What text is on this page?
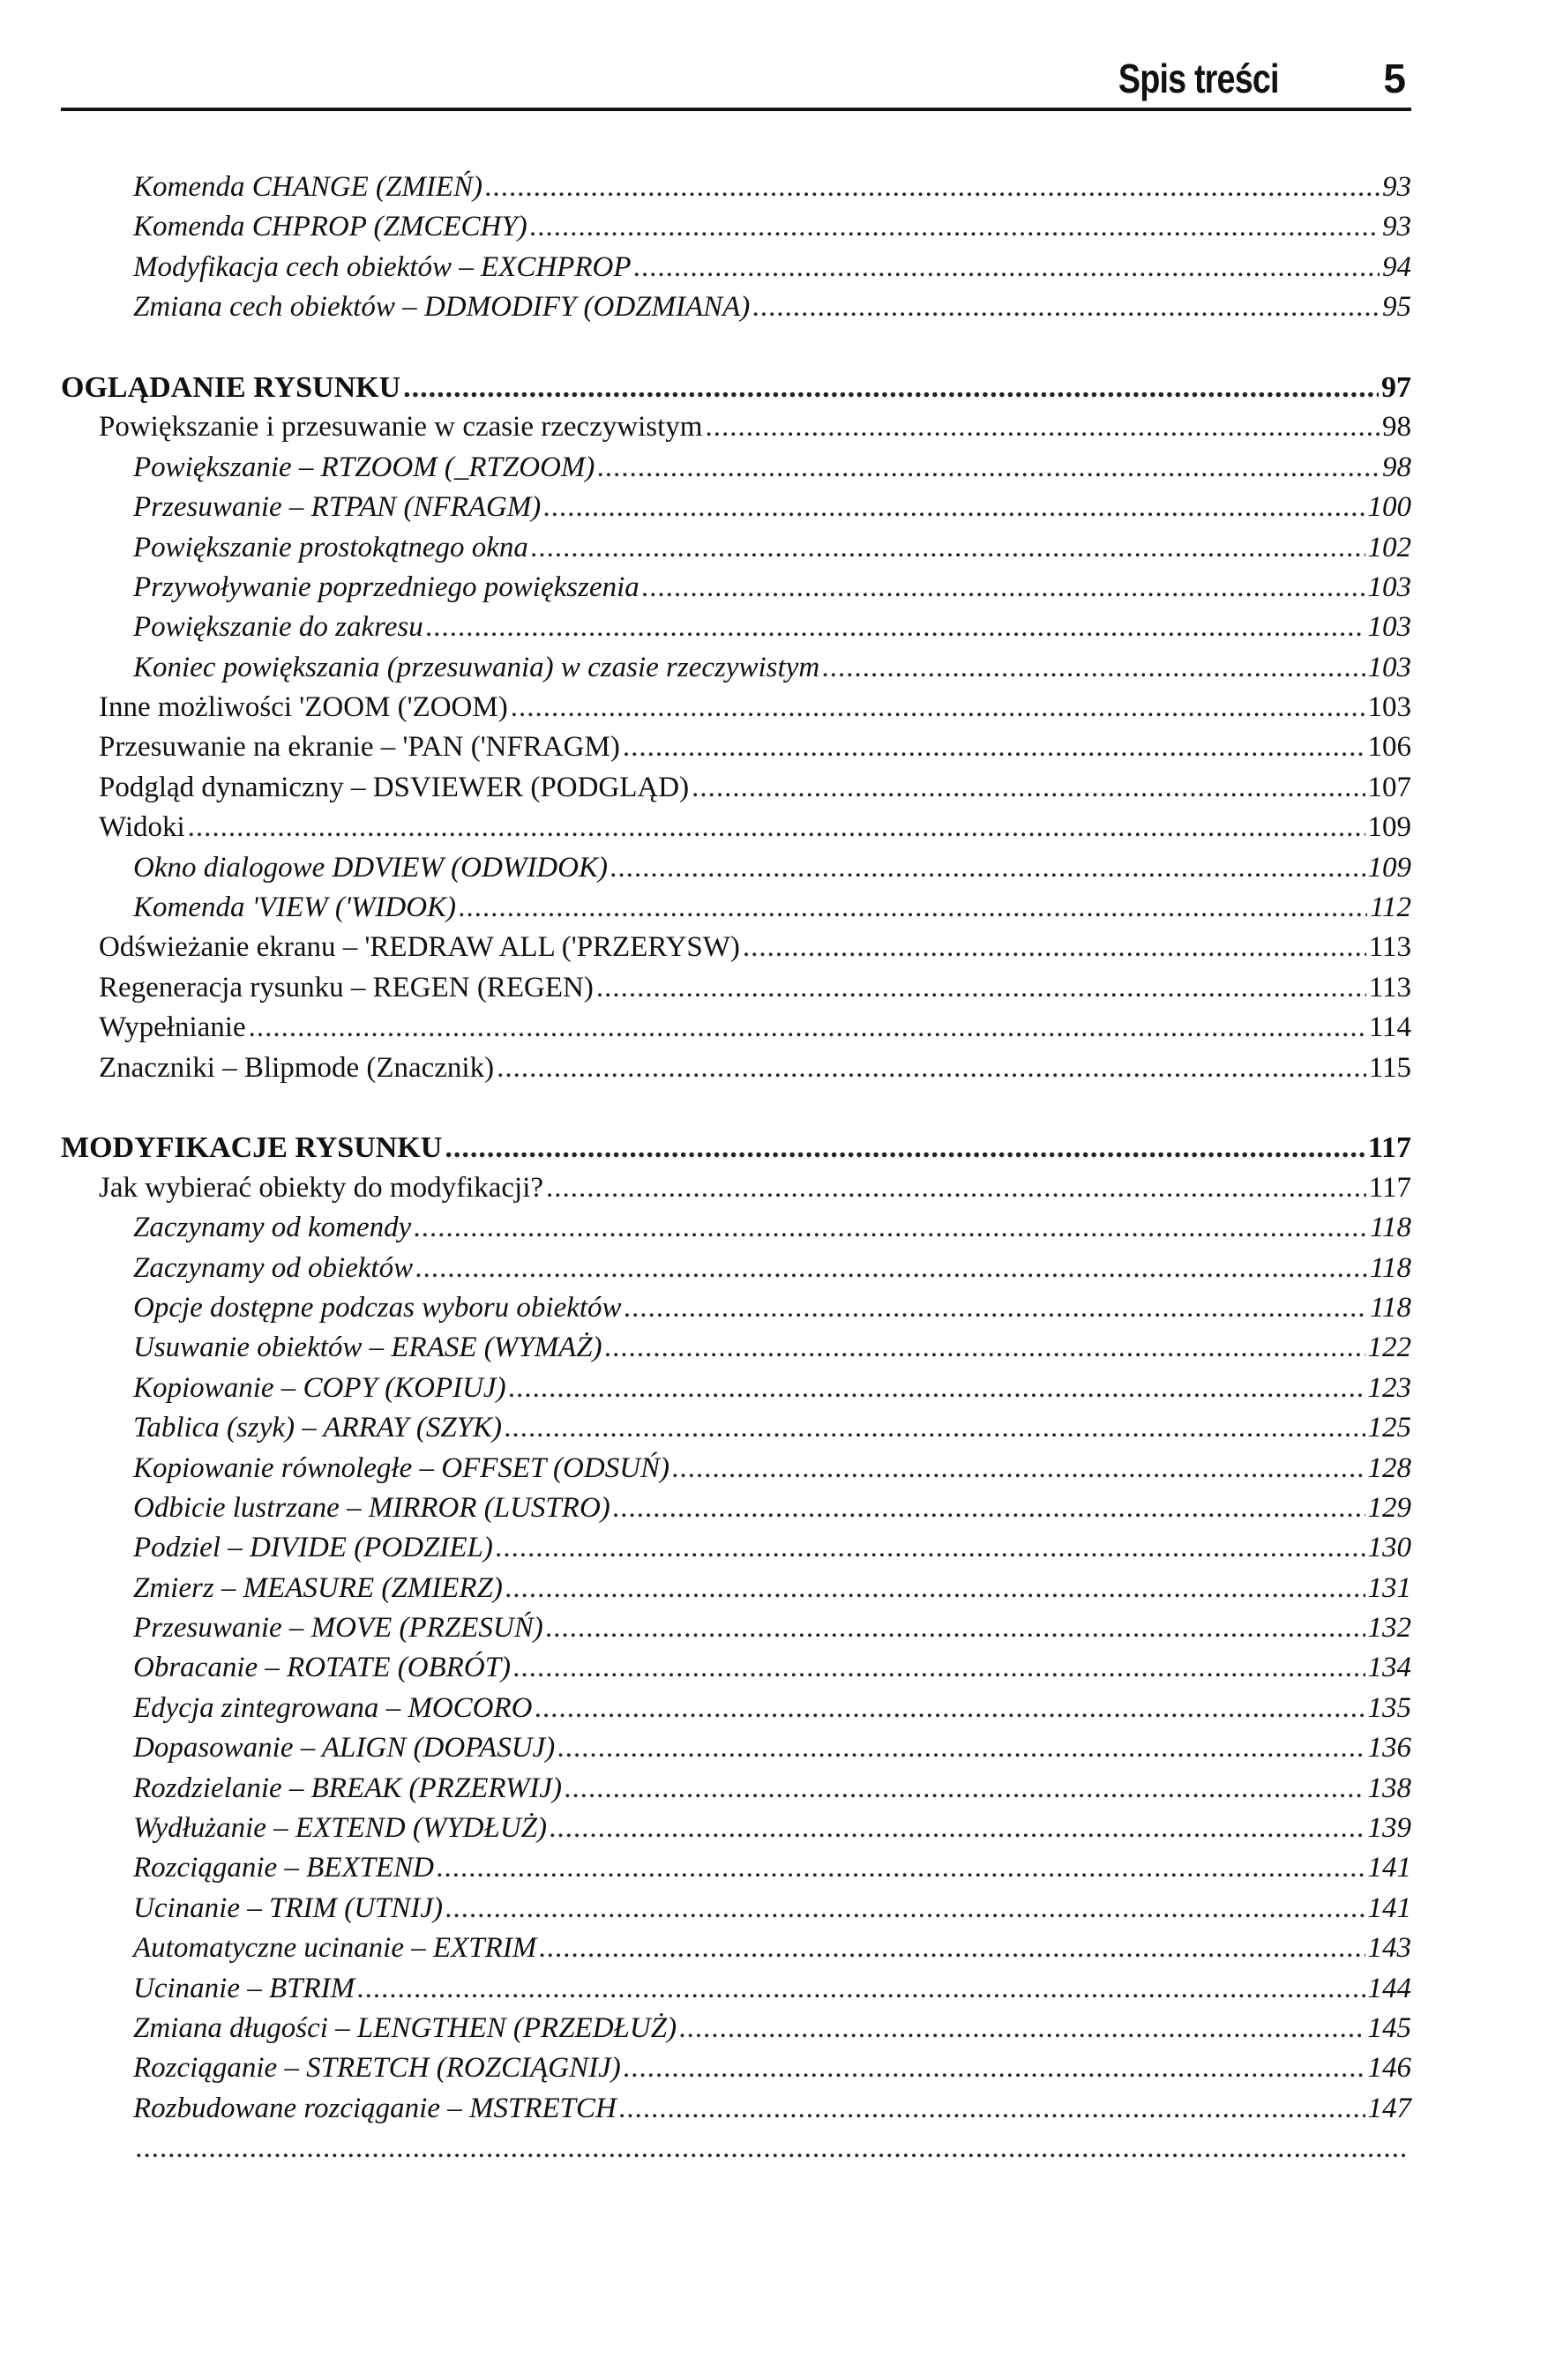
Spis treści	5
Komenda CHANGE (ZMIEŃ) .....	93
Komenda CHPROP (ZMCECHY) .....	93
Modyfikacja cech obiektów – EXCHPROP .....	94
Zmiana cech obiektów – DDMODIFY (ODZMIANA) .....	95
OGLĄDANIE RYSUNKU .....	97
Powiększanie i przesuwanie w czasie rzeczywistym .....	98
Powiększanie – RTZOOM (_RTZOOM) .....	98
Przesuwanie – RTPAN (NFRAGM) .....	100
Powiększanie prostokątnego okna .....	102
Przywoływanie poprzedniego powiększenia .....	103
Powiększanie do zakresu .....	103
Koniec powiększania (przesuwania) w czasie rzeczywistym .....	103
Inne możliwości 'ZOOM ('ZOOM) .....	103
Przesuwanie na ekranie – 'PAN ('NFRAGM) .....	106
Podgląd dynamiczny – DSVIEWER (PODGLĄD) .....	107
Widoki .....	109
Okno dialogowe DDVIEW (ODWIDOK) .....	109
Komenda 'VIEW ('WIDOK) .....	112
Odświeżanie ekranu – 'REDRAW ALL ('PRZERYSW) .....	113
Regeneracja rysunku – REGEN (REGEN) .....	113
Wypełnianie .....	114
Znaczniki – Blipmode (Znacznik) .....	115
MODYFIKACJE RYSUNKU .....	117
Jak wybierać obiekty do modyfikacji? .....	117
Zaczynamy od komendy .....	118
Zaczynamy od obiektów .....	118
Opcje dostępne podczas wyboru obiektów .....	118
Usuwanie obiektów – ERASE (WYMAŻ) .....	122
Kopiowanie – COPY (KOPIUJ) .....	123
Tablica (szyk) – ARRAY (SZYK) .....	125
Kopiowanie równoległe – OFFSET (ODSUŃ) .....	128
Odbicie lustrzane – MIRROR (LUSTRO) .....	129
Podziel – DIVIDE (PODZIEL) .....	130
Zmierz – MEASURE (ZMIERZ) .....	131
Przesuwanie – MOVE (PRZESUŃ) .....	132
Obracanie – ROTATE (OBRÓT) .....	134
Edycja zintegrowana – MOCORO .....	135
Dopasowanie – ALIGN (DOPASUJ) .....	136
Rozdzielanie – BREAK (PRZERWIJ) .....	138
Wydłużanie – EXTEND (WYDŁUŻ) .....	139
Rozciąganie – BEXTEND .....	141
Ucinanie – TRIM (UTNIJ) .....	141
Automatyczne ucinanie – EXTRIM .....	143
Ucinanie – BTRIM .....	144
Zmiana długości – LENGTHEN (PRZEDŁUŻ) .....	145
Rozciąganie – STRETCH (ROZCIĄGNIJ) .....	146
Rozbudowane rozciąganie – MSTRETCH .....	147
.....
